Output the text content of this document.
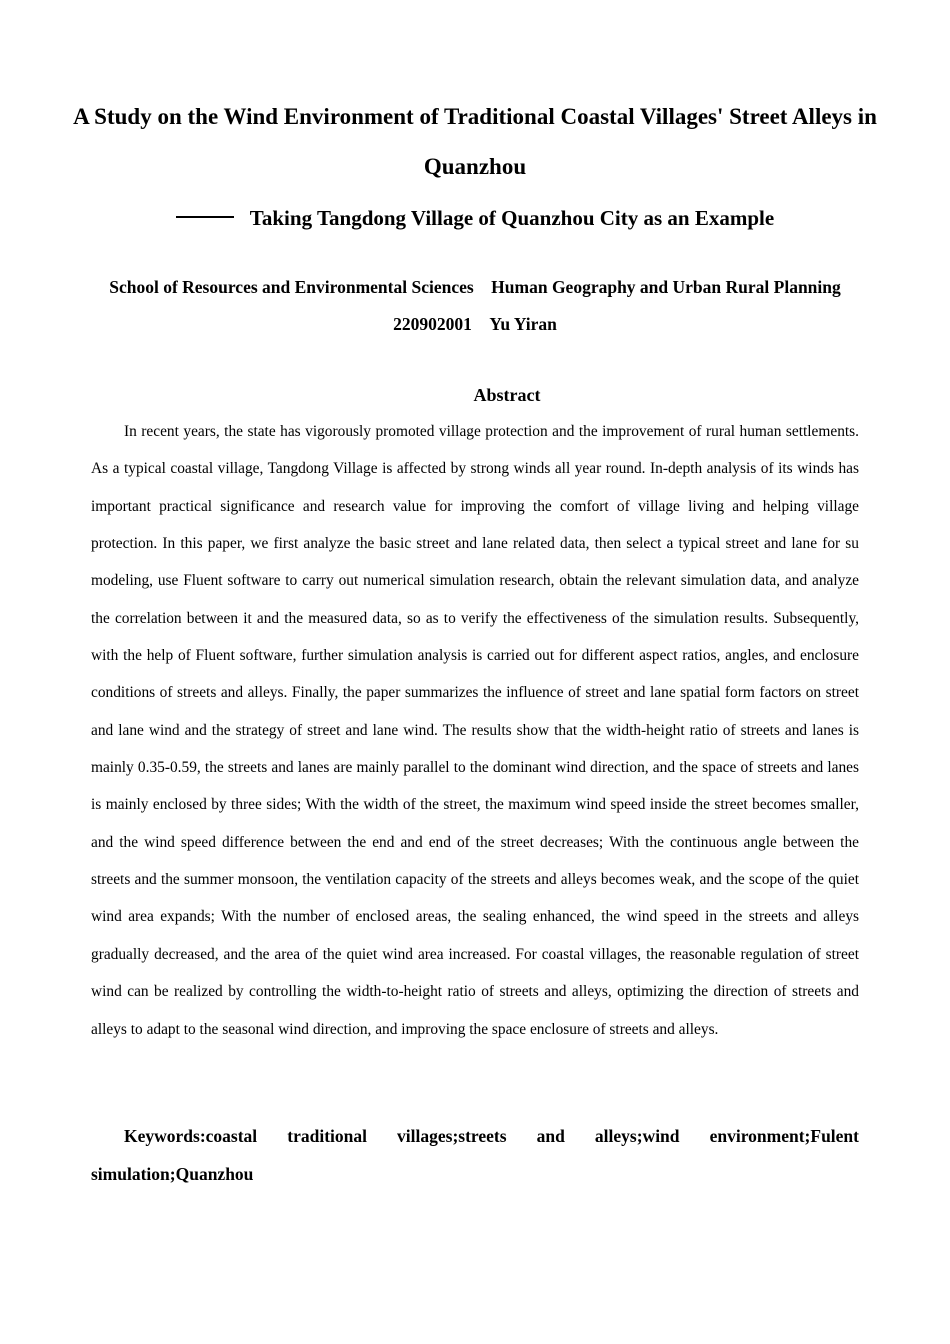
A Study on the Wind Environment of Traditional Coastal Villages' Street Alleys in Quanzhou
Taking Tangdong Village of Quanzhou City as an Example

School of Resources and Environmental Sciences Human Geography and Urban Rural Planning 220902001 Yu Yiran

Abstract

In recent years, the state has vigorously promoted village protection and the improvement of rural human settlements. As a typical coastal village, Tangdong Village is affected by strong winds all year round. In-depth analysis of its winds has important practical significance and research value for improving the comfort of village living and helping village protection. In this paper, we first analyze the basic street and lane related data, then select a typical street and lane for su modeling, use Fluent software to carry out numerical simulation research, obtain the relevant simulation data, and analyze the correlation between it and the measured data, so as to verify the effectiveness of the simulation results. Subsequently, with the help of Fluent software, further simulation analysis is carried out for different aspect ratios, angles, and enclosure conditions of streets and alleys. Finally, the paper summarizes the influence of street and lane spatial form factors on street and lane wind and the strategy of street and lane wind. The results show that the width-height ratio of streets and lanes is mainly 0.35-0.59, the streets and lanes are mainly parallel to the dominant wind direction, and the space of streets and lanes is mainly enclosed by three sides; With the width of the street, the maximum wind speed inside the street becomes smaller, and the wind speed difference between the end and end of the street decreases; With the continuous angle between the streets and the summer monsoon, the ventilation capacity of the streets and alleys becomes weak, and the scope of the quiet wind area expands; With the number of enclosed areas, the sealing enhanced, the wind speed in the streets and alleys gradually decreased, and the area of the quiet wind area increased. For coastal villages, the reasonable regulation of street wind can be realized by controlling the width-to-height ratio of streets and alleys, optimizing the direction of streets and alleys to adapt to the seasonal wind direction, and improving the space enclosure of streets and alleys.

Keywords:coastal traditional villages;streets and alleys;wind environment;Fulent simulation;Quanzhou
